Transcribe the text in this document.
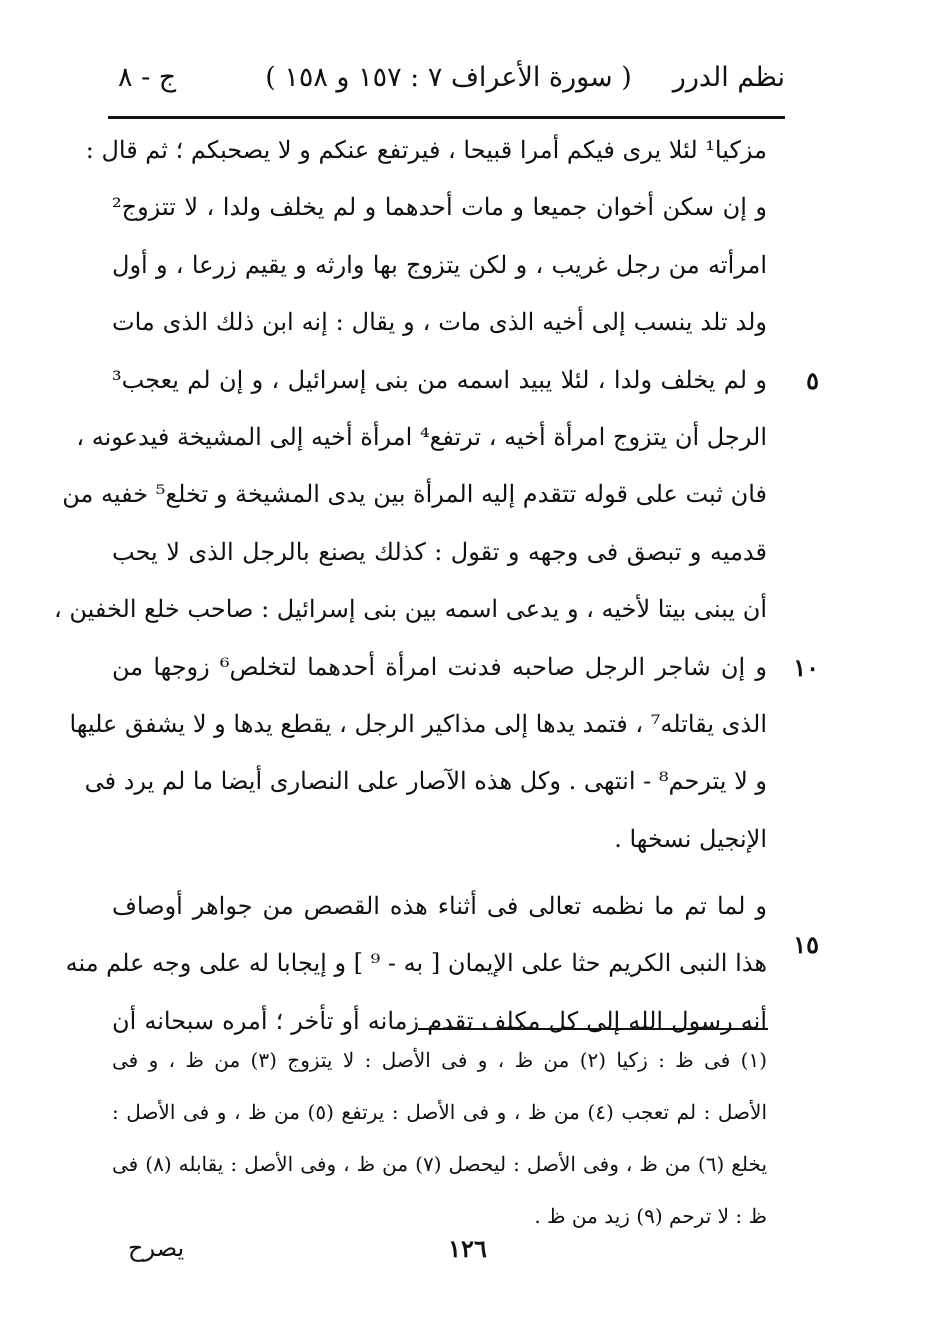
نظم الدرر
( سورة الأعراف ٧ : ١٥٧ و ١٥٨ )
ج - ٨
مزكيا¹ لئلا يرى فيكم أمرا قبيحا ، فيرتفع عنكم و لا يصحبكم ؛ ثم قال :
و إن سكن أخوان جميعا و مات أحدهما و لم يخلف ولدا ، لا تتزوج²
امرأته من رجل غريب ، و لكن يتزوج بها وارثه و يقيم زرعا ، و أول
ولد تلد ينسب إلى أخيه الذى مات ، و يقال : إنه ابن ذلك الذى مات
و لم يخلف ولدا ، لئلا يبيد اسمه من بنى إسرائيل ، و إن لم يعجب³
الرجل أن يتزوج امرأة أخيه ، ترتفع⁴ امرأة أخيه إلى المشيخة فيدعونه ،
فان ثبت على قوله تتقدم إليه المرأة بين يدى المشيخة و تخلع⁵ خفيه من
قدميه و تبصق فى وجهه و تقول : كذلك يصنع بالرجل الذى لا يحب
أن يبنى بيتا لأخيه ، و يدعى اسمه بين بنى إسرائيل : صاحب خلع الخفين ،
و إن شاجر الرجل صاحبه فدنت امرأة أحدهما لتخلص⁶ زوجها من
الذى يقاتله⁷ ، فتمد يدها إلى مذاكير الرجل ، يقطع يدها و لا يشفق عليها
و لا يترحم⁸ - انتهى . وكل هذه الآصار على النصارى أيضا ما لم يرد فى
الإنجيل نسخها .
و لما تم ما نظمه تعالى فى أثناء هذه القصص من جواهر أوصاف
هذا النبى الكريم حثا على الإيمان [ به - ⁹ ] و إيجابا له على وجه علم منه
أنه رسول الله إلى كل مكلف تقدم زمانه أو تأخر ؛ أمره سبحانه أن
٥
١٠
١٥
(١) فى ظ : زكيا (٢) من ظ ، و فى الأصل : لا يتزوج (٣) من ظ ، و فى
الأصل : لم تعجب (٤) من ظ ، و فى الأصل : يرتفع (٥) من ظ ، و فى الأصل :
يخلع (٦) من ظ ، وفى الأصل : ليحصل (٧) من ظ ، وفى الأصل : يقابله (٨) فى
ظ : لا ترحم (٩) زيد من ظ .
١٢٦
يصرح
